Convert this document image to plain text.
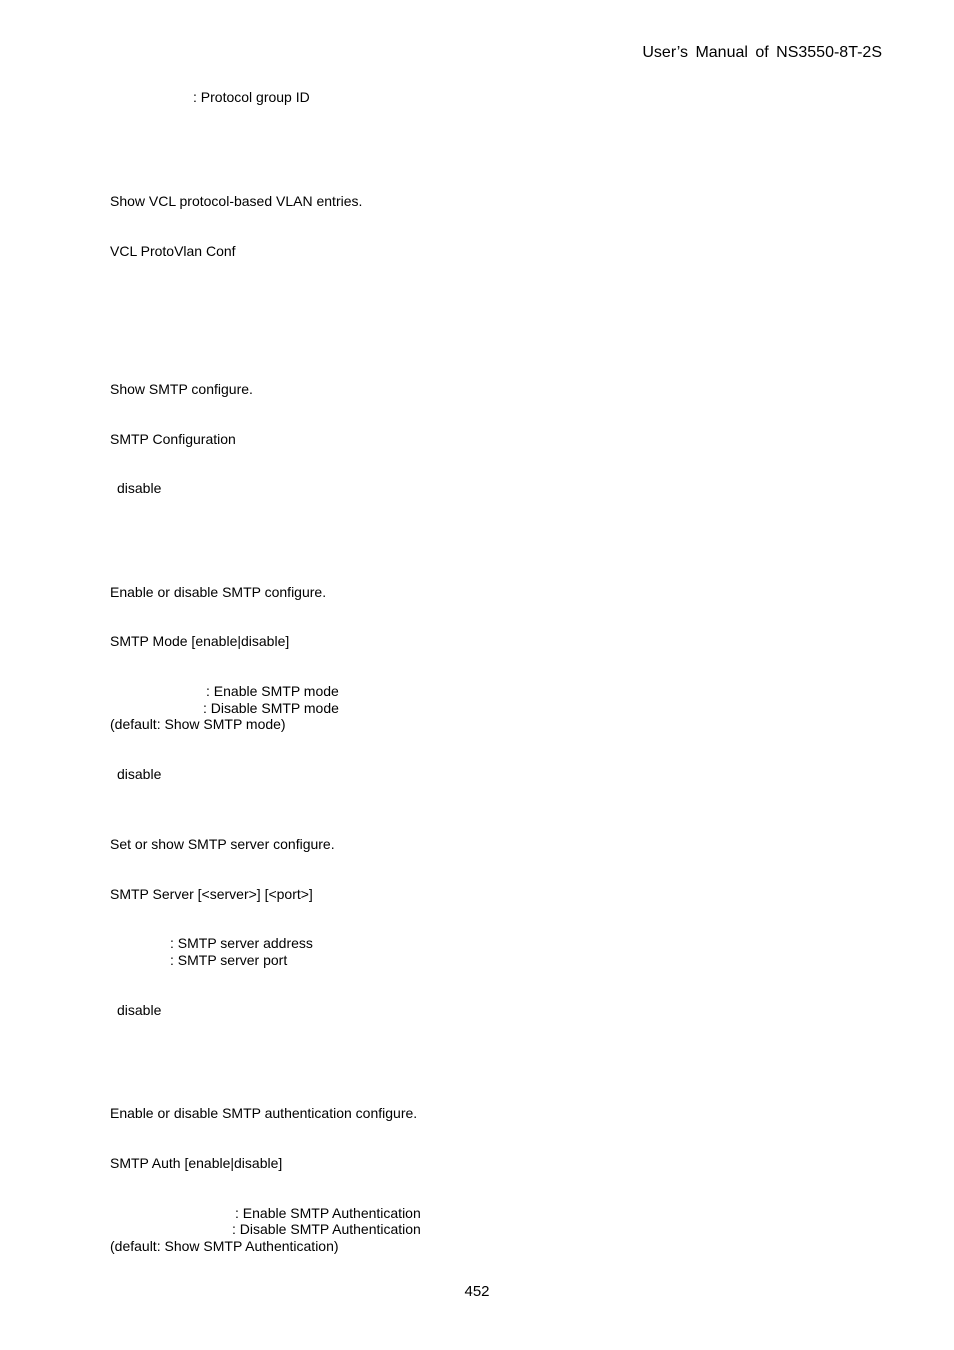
User’s Manual of NS3550-8T-2S

: Protocol group ID

Show VCL protocol-based VLAN entries.

VCL ProtoVlan Conf

Show SMTP configure.

SMTP Configuration

disable

Enable or disable SMTP configure.

SMTP Mode [enable|disable]

: Enable SMTP mode

: Disable SMTP mode

(default: Show SMTP mode)

disable

Set or show SMTP server configure.

SMTP Server [<server>] [<port>]

: SMTP server address

: SMTP server port

disable

Enable or disable SMTP authentication configure.

SMTP Auth [enable|disable]

: Enable SMTP Authentication

: Disable SMTP Authentication

(default: Show SMTP Authentication)

452
